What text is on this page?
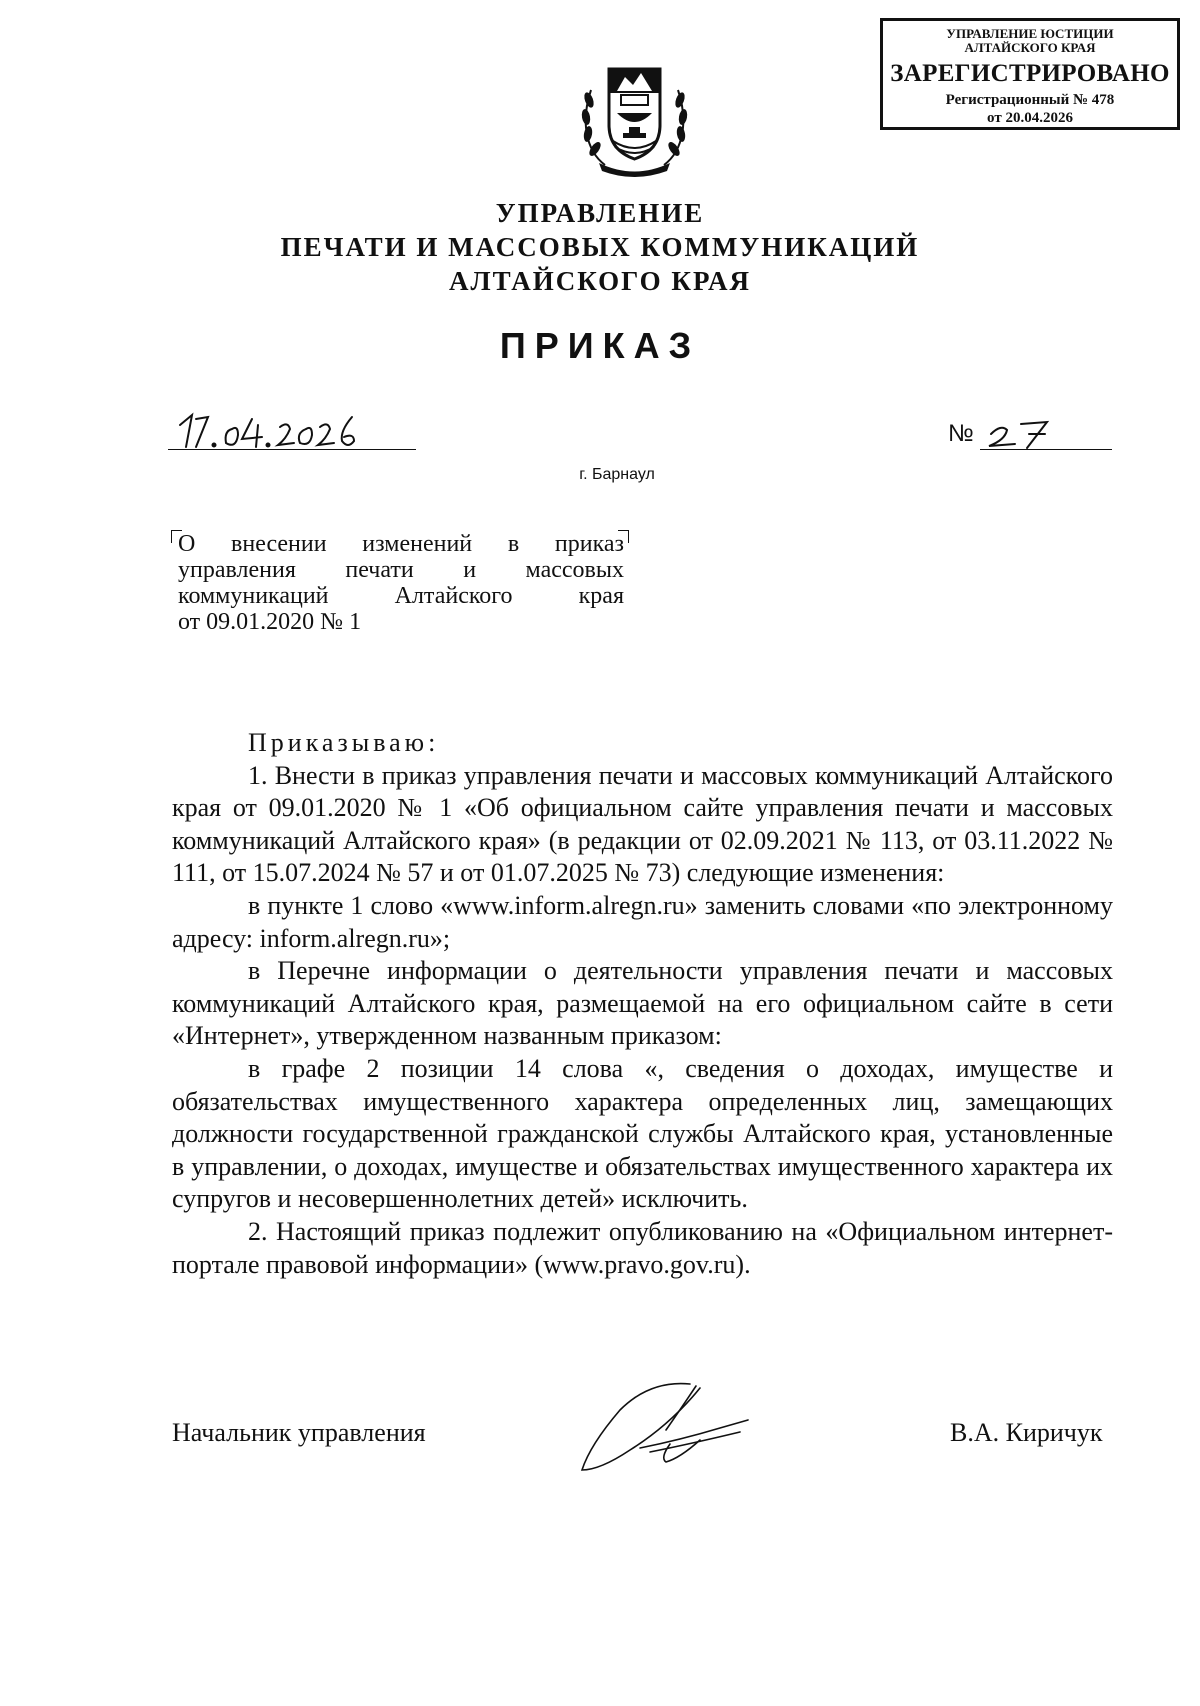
УПРАВЛЕНИЕ ЮСТИЦИИ
АЛТАЙСКОГО КРАЯ
ЗАРЕГИСТРИРОВАНО
Регистрационный № 478
от 20.04.2026
УПРАВЛЕНИЕ
ПЕЧАТИ И МАССОВЫХ КОММУНИКАЦИЙ
АЛТАЙСКОГО КРАЯ
ПРИКАЗ
№
г. Барнаул
О внесении изменений в приказ
управления печати и массовых
коммуникаций Алтайского края
от 09.01.2020 № 1

Приказываю:

1. Внести в приказ управления печати и массовых коммуникаций Алтайского края от 09.01.2020 № 1 «Об официальном сайте управления печати и массовых коммуникаций Алтайского края» (в редакции от 02.09.2021 № 113, от 03.11.2022 № 111, от 15.07.2024 № 57 и от 01.07.2025 № 73) следующие изменения:

в пункте 1 слово «www.inform.alregn.ru» заменить словами «по электронному адресу: inform.alregn.ru»;

в Перечне информации о деятельности управления печати и массовых коммуникаций Алтайского края, размещаемой на его официальном сайте в сети «Интернет», утвержденном названным приказом:

в графе 2 позиции 14 слова «, сведения о доходах, имуществе и обязательствах имущественного характера определенных лиц, замещающих должности государственной гражданской службы Алтайского края, установленные в управлении, о доходах, имуществе и обязательствах имущественного характера их супругов и несовершеннолетних детей» исключить.

2. Настоящий приказ подлежит опубликованию на «Официальном интернет-портале правовой информации» (www.pravo.gov.ru).

Начальник управления	В.А. Киричук
